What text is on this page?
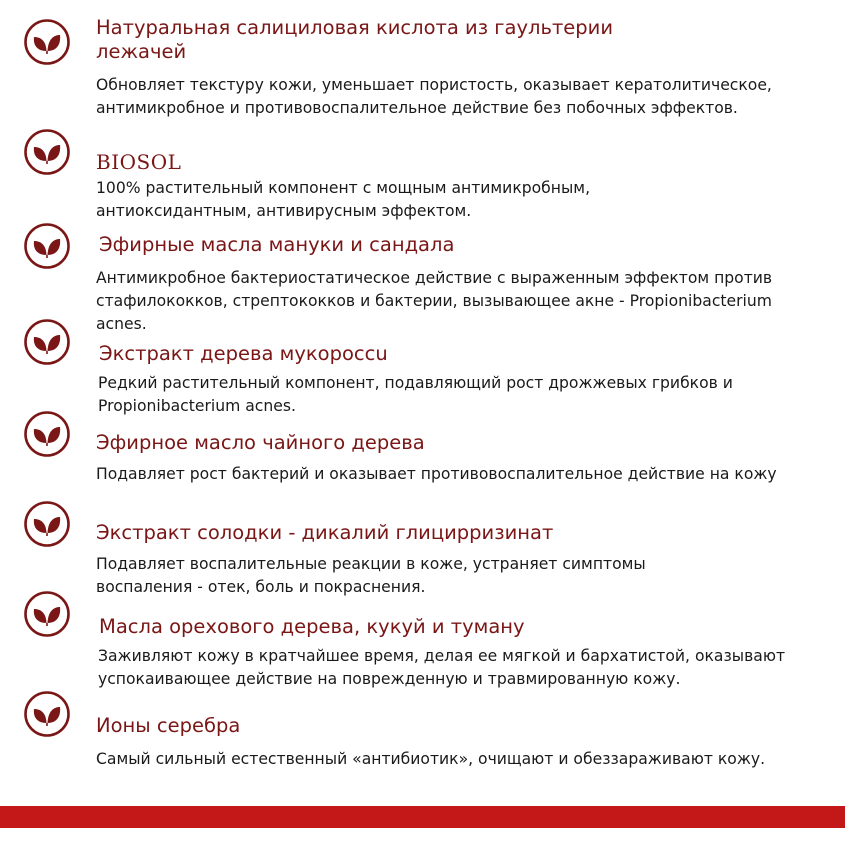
Натуральная салициловая кислота из гаультерии лежачей
Обновляет текстуру кожи, уменьшает пористость, оказывает кератолитическое, антимикробное и противовоспалительное действие без побочных эффектов.
BIOSOL
100% растительный компонент с мощным антимикробным, антиоксидантным, антивирусным эффектом.
Эфирные масла мануки и сандала
Антимикробное бактериостатическое действие с выраженным эффектом против стафилококков, стрептококков и бактерии, вызывающее акне - Propionibacterium acnes.
Экстракт дерева мукороссu
Редкий растительный компонент, подавляющий рост дрожжевых грибков и Propionibacterium acnes.
Эфирное масло чайного дерева
Подавляет рост бактерий и оказывает противовоспалительное действие на кожу
Экстракт солодки - дикалий глицирризинат
Подавляет воспалительные реакции в коже, устраняет симптомы воспаления - отек, боль и покраснения.
Масла орехового дерева, кукуй и туману
Заживляют кожу в кратчайшее время, делая ее мягкой и бархатистой, оказывают успокаивающее действие на поврежденную и травмированную кожу.
Ионы серебра
Самый сильный естественный «антибиотик», очищают и обеззараживают кожу.
